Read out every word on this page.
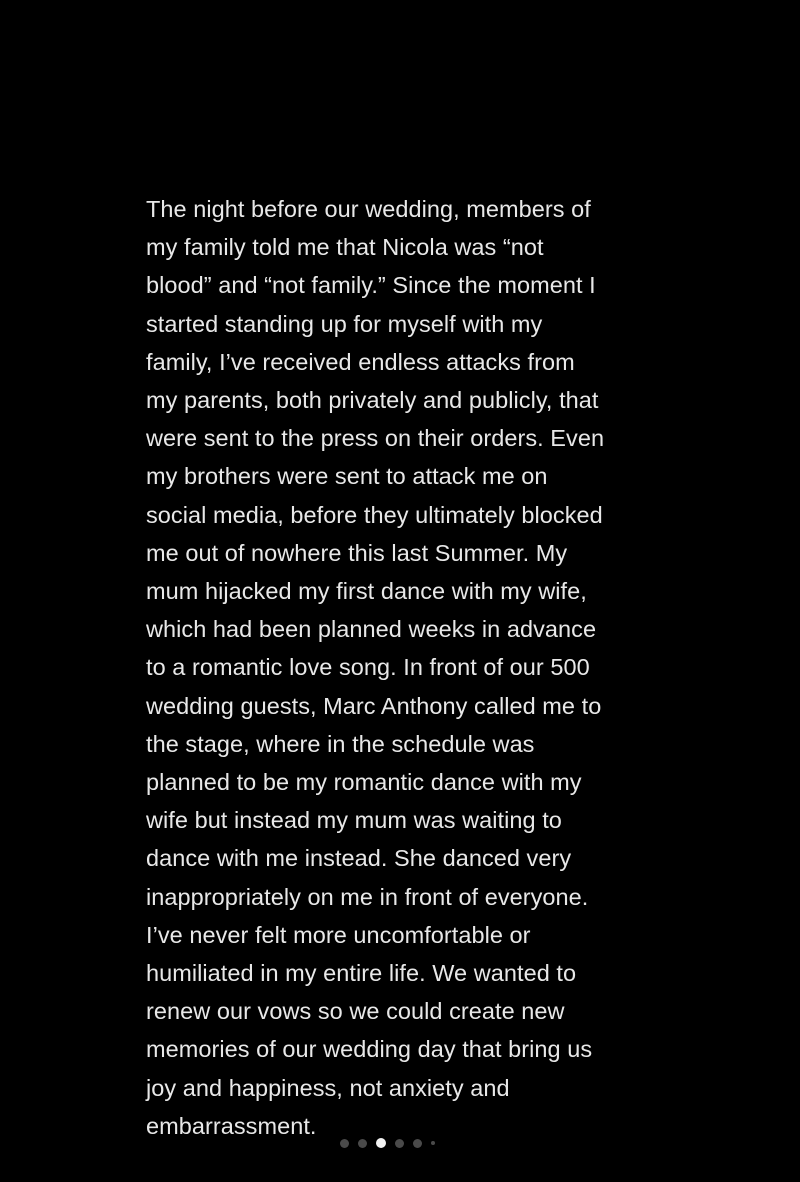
The night before our wedding, members of
my family told me that Nicola was “not
blood” and “not family.” Since the moment I
started standing up for myself with my
family, I’ve received endless attacks from
my parents, both privately and publicly, that
were sent to the press on their orders. Even
my brothers were sent to attack me on
social media, before they ultimately blocked
me out of nowhere this last Summer. My
mum hijacked my first dance with my wife,
which had been planned weeks in advance
to a romantic love song. In front of our 500
wedding guests, Marc Anthony called me to
the stage, where in the schedule was
planned to be my romantic dance with my
wife but instead my mum was waiting to
dance with me instead. She danced very
inappropriately on me in front of everyone.
I’ve never felt more uncomfortable or
humiliated in my entire life. We wanted to
renew our vows so we could create new
memories of our wedding day that bring us
joy and happiness, not anxiety and
embarrassment.
